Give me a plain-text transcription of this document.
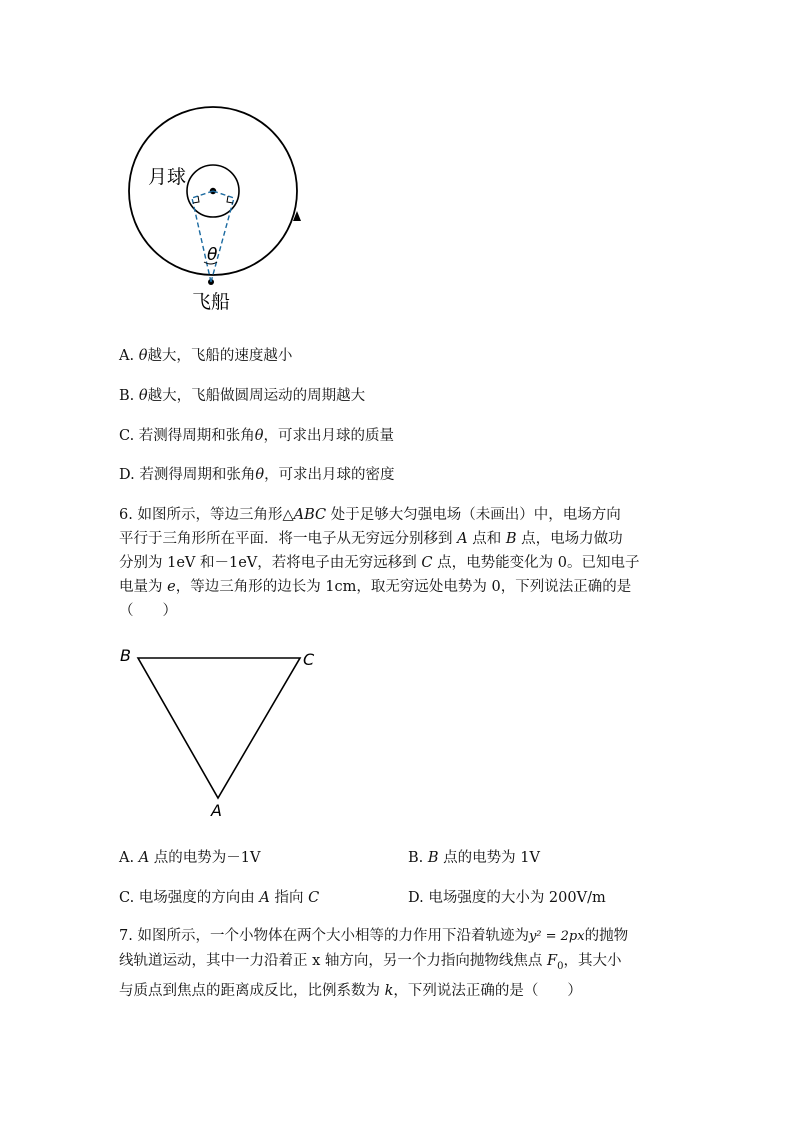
月球
飞船
θ
A. θ越大，飞船的速度越小
B. θ越大，飞船做圆周运动的周期越大
C. 若测得周期和张角θ，可求出月球的质量
D. 若测得周期和张角θ，可求出月球的密度
6. 如图所示，等边三角形△ABC 处于足够大匀强电场（未画出）中，电场方向
平行于三角形所在平面．将一电子从无穷远分别移到 A 点和 B 点，电场力做功
分别为 1eV 和－1eV，若将电子由无穷远移到 C 点，电势能变化为 0。已知电子
电量为 e，等边三角形的边长为 1cm，取无穷远处电势为 0，下列说法正确的是
（　　）
B	C
A
A. A 点的电势为－1V	B. B 点的电势为 1V
C. 电场强度的方向由 A 指向 C	D. 电场强度的大小为 200V/m
7. 如图所示，一个小物体在两个大小相等的力作用下沿着轨迹为y² = 2px的抛物
线轨道运动，其中一力沿着正 x 轴方向，另一个力指向抛物线焦点 $F_0$，其大小
与质点到焦点的距离成反比，比例系数为 k，下列说法正确的是（　　）
